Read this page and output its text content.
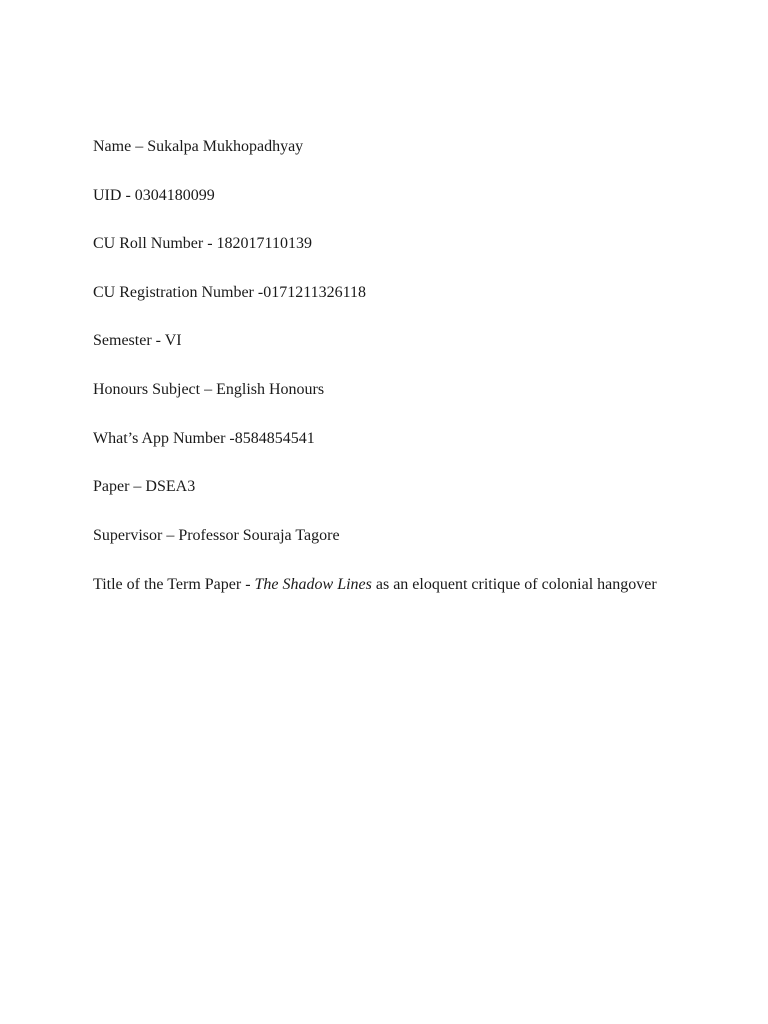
Name – Sukalpa Mukhopadhyay
UID - 0304180099
CU Roll Number - 182017110139
CU Registration Number -0171211326118
Semester - VI
Honours Subject – English Honours
What’s App Number -8584854541
Paper – DSEA3
Supervisor – Professor Souraja Tagore

Title of the Term Paper - The Shadow Lines as an eloquent critique of colonial hangover
